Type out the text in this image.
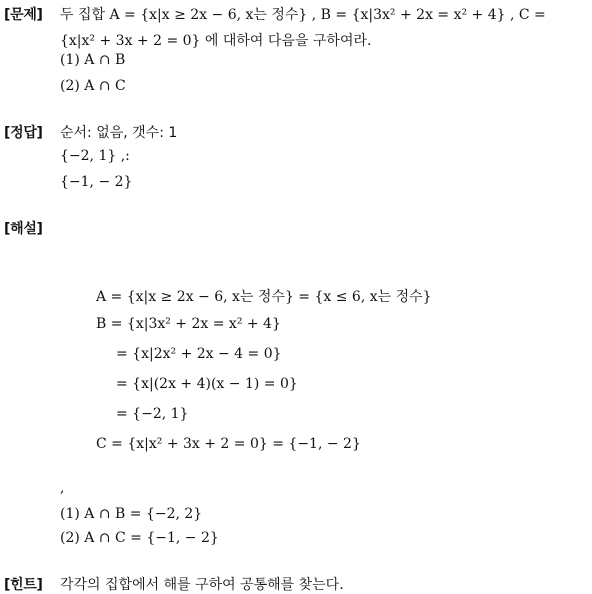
[문제] 두 집합 A = {x|x ≥ 2x − 6, x는 정수} , B = {x|3x² + 2x = x² + 4} , C =
{x|x² + 3x + 2 = 0} 에 대하여 다음을 구하여라.
(1) A ∩ B
(2) A ∩ C
[정답] 순서: 없음, 갯수: 1
{−2, 1} ,:
{−1, − 2}
[해설]
A = {x|x ≥ 2x − 6, x는 정수} = {x ≤ 6, x는 정수}
B = {x|3x² + 2x = x² + 4}
= {x|2x² + 2x − 4 = 0}
= {x|(2x + 4)(x − 1) = 0}
= {−2, 1}
C = {x|x² + 3x + 2 = 0} = {−1, − 2}
,
(1) A ∩ B = {−2, 2}
(2) A ∩ C = {−1, − 2}
[힌트] 각각의 집합에서 해를 구하여 공통해를 찾는다.
